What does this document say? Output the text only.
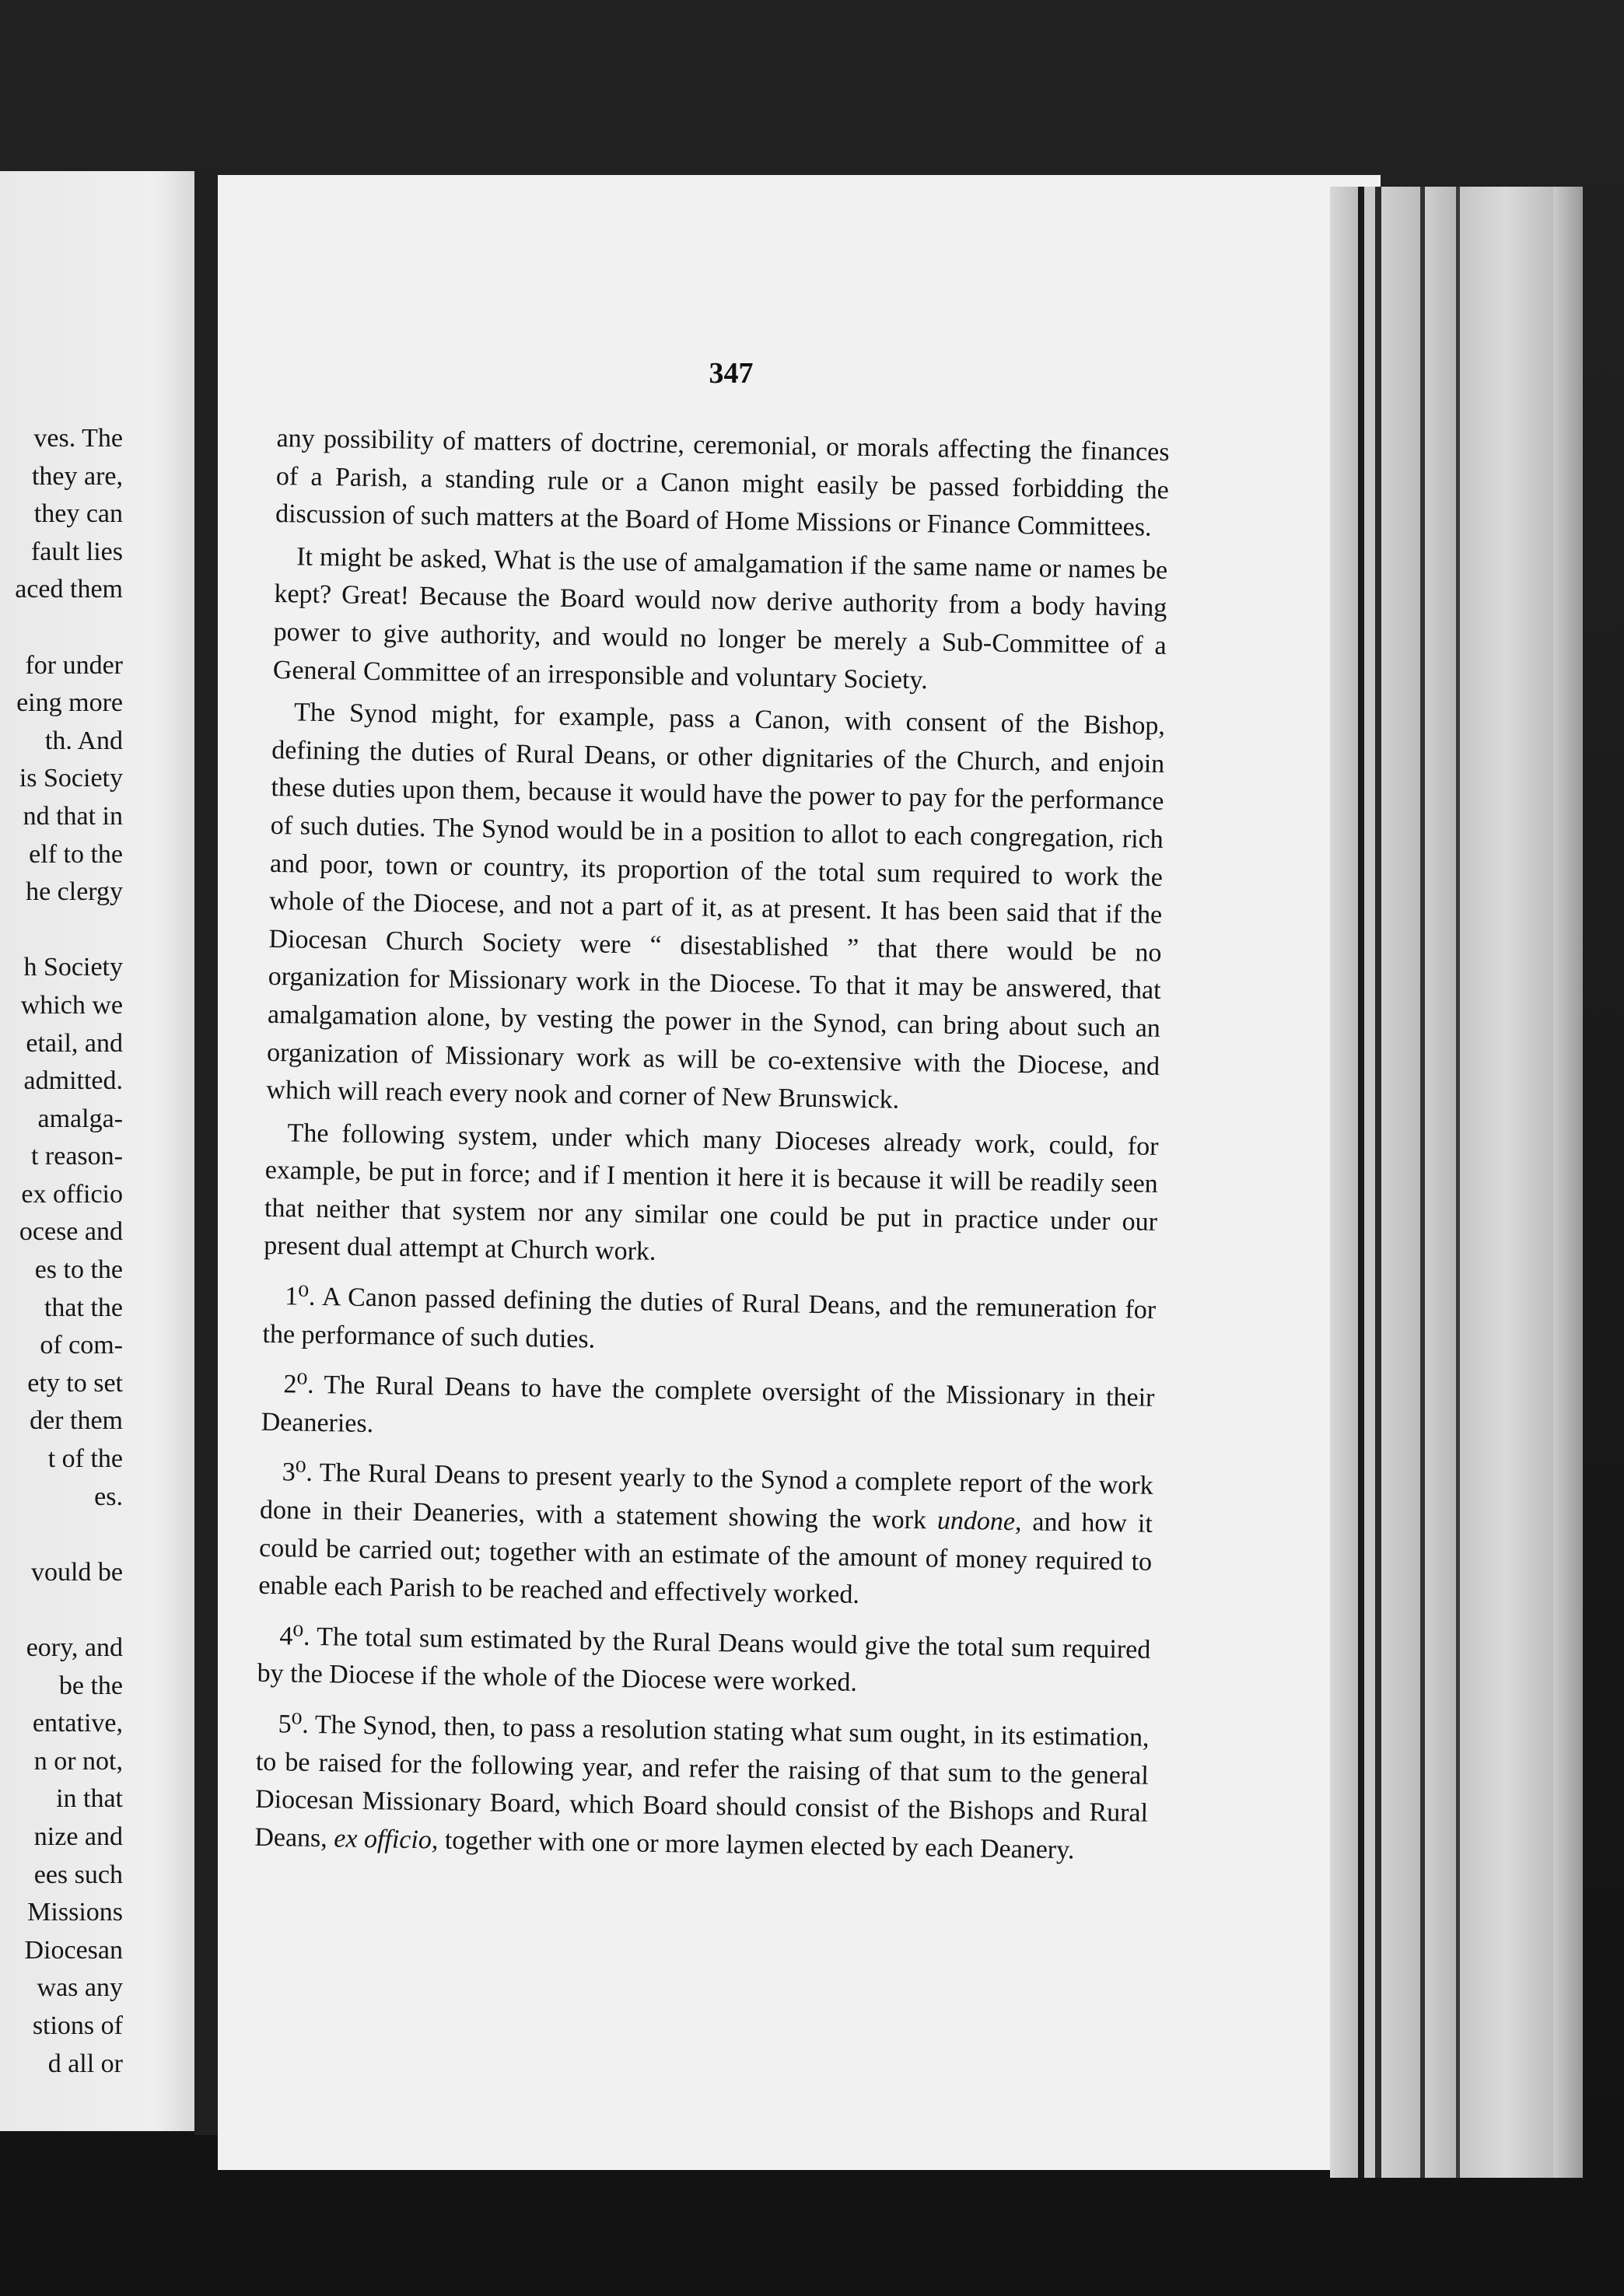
ves. The
they are,
they can
fault lies
aced them
for under
eing more
th. And
is Society
nd that in
elf to the
he clergy
h Society
which we
etail, and
admitted.
amalga-
t reason-
ex officio
ocese and
es to the
that the
of com-
ety to set
der them
t of the
es.
vould be
eory, and
be the
entative,
n or not,
in that
nize and
ees such
Missions
Diocesan
was any
stions of
d all or
347

any possibility of matters of doctrine, ceremonial, or morals affecting the finances of a Parish, a standing rule or a Canon might easily be passed forbidding the discussion of such matters at the Board of Home Missions or Finance Committees.

It might be asked, What is the use of amalgamation if the same name or names be kept? Great! Because the Board would now derive authority from a body having power to give authority, and would no longer be merely a Sub-Committee of a General Committee of an irresponsible and voluntary Society.

The Synod might, for example, pass a Canon, with consent of the Bishop, defining the duties of Rural Deans, or other dignitaries of the Church, and enjoin these duties upon them, because it would have the power to pay for the performance of such duties. The Synod would be in a position to allot to each congregation, rich and poor, town or country, its proportion of the total sum required to work the whole of the Diocese, and not a part of it, as at present. It has been said that if the Diocesan Church Society were “ disestablished ” that there would be no organization for Missionary work in the Diocese. To that it may be answered, that amalgamation alone, by vesting the power in the Synod, can bring about such an organization of Missionary work as will be co-extensive with the Diocese, and which will reach every nook and corner of New Brunswick.

The following system, under which many Dioceses already work, could, for example, be put in force; and if I mention it here it is because it will be readily seen that neither that system nor any similar one could be put in practice under our present dual attempt at Church work.

1⁰. A Canon passed defining the duties of Rural Deans, and the remuneration for the performance of such duties.

2⁰. The Rural Deans to have the complete oversight of the Missionary in their Deaneries.

3⁰. The Rural Deans to present yearly to the Synod a complete report of the work done in their Deaneries, with a statement showing the work undone, and how it could be carried out; together with an estimate of the amount of money required to enable each Parish to be reached and effectively worked.

4⁰. The total sum estimated by the Rural Deans would give the total sum required by the Diocese if the whole of the Diocese were worked.

5⁰. The Synod, then, to pass a resolution stating what sum ought, in its estimation, to be raised for the following year, and refer the raising of that sum to the general Diocesan Missionary Board, which Board should consist of the Bishops and Rural Deans, ex officio, together with one or more laymen elected by each Deanery.
